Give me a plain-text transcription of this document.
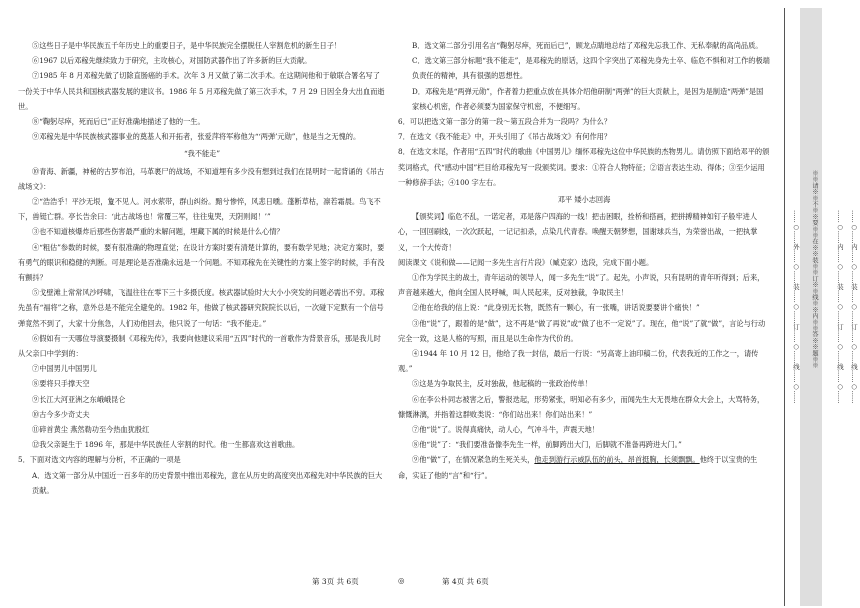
⑤这些日子是中华民族五千年历史上的重要日子，是中华民族完全摆脱任人宰割危机的新生日子！

⑥1967 以后邓稼先继续致力于研究，主攻核心，对国防武器作出了许多新的巨大贡献。

⑦1985 年 8 月邓稼先做了切除直肠癌的手术。次年 3 月又做了第二次手术。在这期间他和于敏联合署名写了一份关于中华人民共和国核武器发展的建议书。1986 年 5 月邓稼先做了第三次手术，7 月 29 日因全身大出血而逝世。

⑧“鞠躬尽瘁，死而后已”正好准确地描述了他的一生。

⑨邓稼先是中华民族核武器事业的奠基人和开拓者，张爱萍将军称他为“‘两弹’元勋”，他是当之无愧的。

“我不能走”

⑩青海、新疆，神秘的古罗布泊，马革裹尸的战场，不知道埋有多少没有想到过我们在昆明时一起背诵的《吊古战场文》：

②“浩浩乎！平沙无垠，夐不见人。河水萦带，群山纠纷。黯兮惨悴，风悲日曛。蓬断草枯，凛若霜晨。鸟飞不下，兽铤亡群。亭长告余曰：‘此古战场也！常覆三军，往往鬼哭，天阴则闻！’”

③也不知道核爆炸后那些伤害最严重的未解问题，埋藏下属的时候是什么心情？

④“粗估”参数的时候，要有很准确的物理直觉；在设计方案时要有清楚计算的，要有数学见地；决定方案时，要有勇气的眼识和稳健的判断。可是理论是否准确永远是一个问题。不知邓稼先在关键性的方案上签字的时候，手有没有颤抖？

⑤戈壁滩上常常风沙呼啸，飞温往往在零下三十多摄氏度。核武器试验时大大小小突发的问题必需出不穷。邓稼先虽有“福将”之称，意外总是不能完全避免的。1982 年，他做了核武器研究院院长以后，一次碰下定默有一个信号弹竟然不到了，大家十分焦急，人们劝他回去，他只说了一句话：“我不能走。”

⑥假如有一天哪位导演要摄制《邓稼先传》，我要向他建议采用“五四”时代的一首歌作为背景音乐，那是我儿时从父亲口中学到的：

⑦中国男儿中国男儿

⑧要将只手撑天空

⑨长江大河亚洲之东峨峨昆仑

⑩古今多少奇丈夫

⑪碎首黄尘 燕然勒功至今热血犹殷红

⑫我父亲诞生于 1896 年，那是中华民族任人宰割的时代。他一生都喜欢这首歌曲。

5．下面对选文内容的理解与分析，不正确的一项是

A．选文第一部分从中国近一百多年的历史背景中推出邓稼先，意在从历史的高度突出邓稼先对中华民族的巨大贡献。

B．选文第二部分引用名言“鞠躬尽瘁，死而后已”，顾龙点睛地总结了邓稼先忘我工作、无私奉献的高尚品质。

C．选文第三部分标题“我不能走”，是邓稼先的原话，这四个字突出了邓稼先身先士卒、临危不惧和对工作的极端负责任的精神，具有很强的思想性。

D．邓稼先是“两弹元勋”，作者着力把重点放在具体介绍他研制“两弹”的巨大贡献上，是因为是制造“两弹”是国家核心机密，作者必须要为国家保守机密，不便细写。

6．可以把选文第一部分的第一段～第五段合并为一段吗？为什么？

7．在选文《我不能走》中，开头引用了《吊古战场文》有何作用？

8．在选文末尾，作者用“五四”时代的歌曲《中国男儿》缅怀邓稼先这位中华民族的杰物男儿。请仿照下面给邓平的颁奖词格式，代“感动中国”栏目给邓稼先写一段颁奖词。要求：①符合人物特征；②语言表达生动、得体；③至少运用一种修辞手法；④100 字左右。

邓平 矮小志回海

【颁奖词】临危不乱，一诺定者，邓是落户四海的一线！把击困眼，拴桥和搭画，把拼搏精神如钉子般牢进人心，一回回刷线，一次次跃起，一记记扣杀，点染几代青春。唤醒天朝梦想，国谢球兵当，为荣誉出战，一把执掌义，一个大传奇！

阅读课文《说和做——记闻一多先生言行片段》（臧克家）选段，完成下面小题。

①作为学民主的战士，青年运动的领导人，闻一多先生“说”了。起先，小声说，只有昆明的青年听得到；后来，声音越来越大，他向全国人民呼喊，叫人民起来，反对独裁，争取民主！

②他在给我的信上说：“此身别无长物，既然有一颗心，有一张嘴，讲话说要要讲个痛快！”

③他“说”了，跟着的是“做”，这不再是“做了再说”或“做了也不一定说”了。现在，他“说”了就“做”，言论与行动完全一致，这是人格的写照，而且是以生命作为代价的。

④1944 年 10 月 12 日，他给了我一封信，最后一行说：“另高寄上油印稿二份，代表我近的工作之一，请传观。”

⑤这是为争取民主，反对独裁，他起稿的一张政治传单！

⑥在李公朴同志被害之后，警报迭起，形势紧张，明知必有多少，而闻先生大无畏地在群众大会上，大骂特务，慷慨淋漓，并指着这群败类说：“你们站出来！你们站出来！”

⑦他“说”了。说得真痛快，动人心，气冲斗牛，声震天地！

⑧他“说”了：“我们要准备像李先生一样，前脚跨出大门，后脚就不准备再跨进大门。”

⑨他“做”了，在情况紧急的生死关头，他走到游行示威队伍的前头，昂首挺胸，长须飘飘。他终于以宝贵的生命，实证了他的“言”和“行”。

第 3页 共 6页	◎	第 4页 共 6页
……○……外……○……装……○……订……○……线……○……	※※请※※不※※要※※在※※装※※订※※线※※内※※答※※题※※	……○……内……○……装……○……订……○……线……○…… ……○……内……○……装……○……订……○……线……○……
